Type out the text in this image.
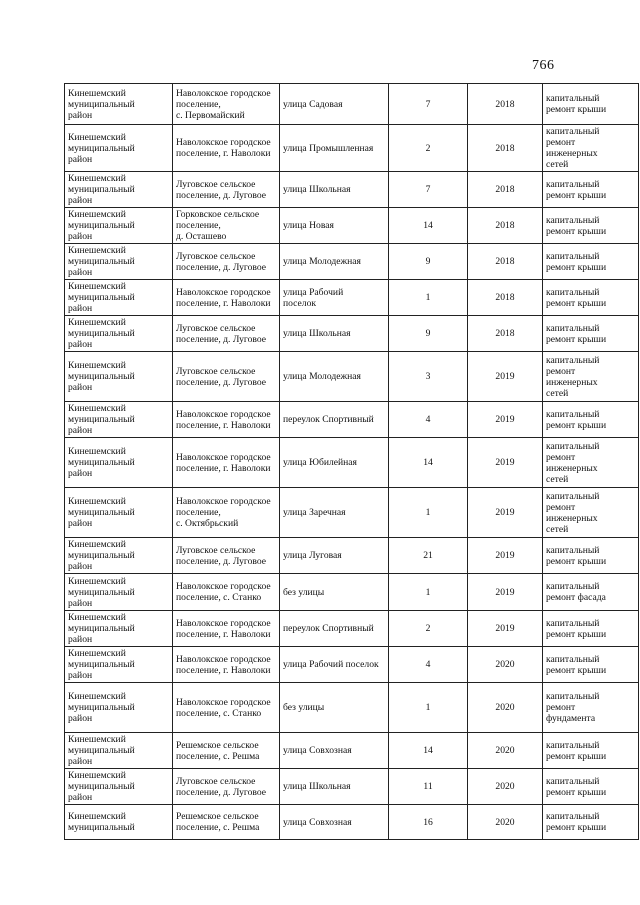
766
Кинешемский
муниципальный
район	Наволокское городское
поселение,
с. Первомайский	улица Садовая	7	2018	капитальный
ремонт крыши

Кинешемский
муниципальный
район	Наволокское городское
поселение, г. Наволоки	улица Промышленная	2	2018	капитальный
ремонт
инженерных
сетей

Кинешемский
муниципальный
район	Луговское сельское
поселение, д. Луговое	улица Школьная	7	2018	капитальный
ремонт крыши

Кинешемский
муниципальный
район	Горковское сельское
поселение,
д. Осташево	улица Новая	14	2018	капитальный
ремонт крыши

Кинешемский
муниципальный
район	Луговское сельское
поселение, д. Луговое	улица Молодежная	9	2018	капитальный
ремонт крыши

Кинешемский
муниципальный
район	Наволокское городское
поселение, г. Наволоки	улица Рабочий
поселок	1	2018	капитальный
ремонт крыши

Кинешемский
муниципальный
район	Луговское сельское
поселение, д. Луговое	улица Школьная	9	2018	капитальный
ремонт крыши

Кинешемский
муниципальный
район	Луговское сельское
поселение, д. Луговое	улица Молодежная	3	2019	капитальный
ремонт
инженерных
сетей

Кинешемский
муниципальный
район	Наволокское городское
поселение, г. Наволоки	переулок Спортивный	4	2019	капитальный
ремонт крыши

Кинешемский
муниципальный
район	Наволокское городское
поселение, г. Наволоки	улица Юбилейная	14	2019	капитальный
ремонт
инженерных
сетей

Кинешемский
муниципальный
район	Наволокское городское
поселение,
с. Октябрьский	улица Заречная	1	2019	капитальный
ремонт
инженерных
сетей

Кинешемский
муниципальный
район	Луговское сельское
поселение, д. Луговое	улица Луговая	21	2019	капитальный
ремонт крыши

Кинешемский
муниципальный
район	Наволокское городское
поселение, с. Станко	без улицы	1	2019	капитальный
ремонт фасада

Кинешемский
муниципальный
район	Наволокское городское
поселение, г. Наволоки	переулок Спортивный	2	2019	капитальный
ремонт крыши

Кинешемский
муниципальный
район	Наволокское городское
поселение, г. Наволоки	улица Рабочий поселок	4	2020	капитальный
ремонт крыши

Кинешемский
муниципальный
район	Наволокское городское
поселение, с. Станко	без улицы	1	2020	капитальный
ремонт
фундамента

Кинешемский
муниципальный
район	Решемское сельское
поселение, с. Решма	улица Совхозная	14	2020	капитальный
ремонт крыши

Кинешемский
муниципальный
район	Луговское сельское
поселение, д. Луговое	улица Школьная	11	2020	капитальный
ремонт крыши

Кинешемский
муниципальный	Решемское сельское
поселение, с. Решма	улица Совхозная	16	2020	капитальный
ремонт крыши
